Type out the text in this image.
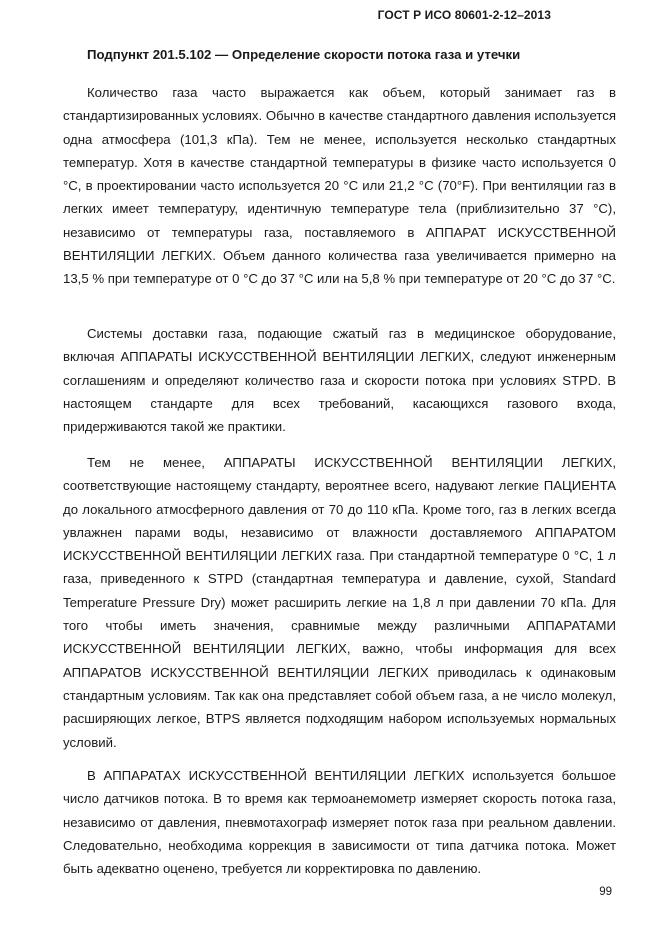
ГОСТ Р ИСО 80601-2-12–2013
Подпункт 201.5.102 — Определение скорости потока газа и утечки

Количество газа часто выражается как объем, который занимает газ в стандартизированных условиях. Обычно в качестве стандартного давления используется одна атмосфера (101,3 кПа). Тем не менее, используется несколько стандартных температур. Хотя в качестве стандартной температуры в физике часто используется 0 °С, в проектировании часто используется 20 °С или 21,2 °С (70°F). При вентиляции газ в легких имеет температуру, идентичную температуре тела (приблизительно 37 °С), независимо от температуры газа, поставляемого в АППАРАТ ИСКУССТВЕННОЙ ВЕНТИЛЯЦИИ ЛЕГКИХ. Объем данного количества газа увеличивается примерно на 13,5 % при температуре от 0 °С до 37 °С или на 5,8 % при температуре от 20 °С до 37 °С.

Системы доставки газа, подающие сжатый газ в медицинское оборудование, включая АППАРАТЫ ИСКУССТВЕННОЙ ВЕНТИЛЯЦИИ ЛЕГКИХ, следуют инженерным соглашениям и определяют количество газа и скорости потока при условиях STPD. В настоящем стандарте для всех требований, касающихся газового входа, придерживаются такой же практики.

Тем не менее, АППАРАТЫ ИСКУССТВЕННОЙ ВЕНТИЛЯЦИИ ЛЕГКИХ, соответствующие настоящему стандарту, вероятнее всего, надувают легкие ПАЦИЕНТА до локального атмосферного давления от 70 до 110 кПа. Кроме того, газ в легких всегда увлажнен парами воды, независимо от влажности доставляемого АППАРАТОМ ИСКУССТВЕННОЙ ВЕНТИЛЯЦИИ ЛЕГКИХ газа. При стандартной температуре 0 °С, 1 л газа, приведенного к STPD (стандартная температура и давление, сухой, Standard Temperature Pressure Dry) может расширить легкие на 1,8 л при давлении 70 кПа. Для того чтобы иметь значения, сравнимые между различными АППАРАТАМИ ИСКУССТВЕННОЙ ВЕНТИЛЯЦИИ ЛЕГКИХ, важно, чтобы информация для всех АППАРАТОВ ИСКУССТВЕННОЙ ВЕНТИЛЯЦИИ ЛЕГКИХ приводилась к одинаковым стандартным условиям. Так как она представляет собой объем газа, а не число молекул, расширяющих легкое, BTPS является подходящим набором используемых нормальных условий.

В АППАРАТАХ ИСКУССТВЕННОЙ ВЕНТИЛЯЦИИ ЛЕГКИХ используется большое число датчиков потока. В то время как термоанемометр измеряет скорость потока газа, независимо от давления, пневмотахограф измеряет поток газа при реальном давлении. Следовательно, необходима коррекция в зависимости от типа датчика потока. Может быть адекватно оценено, требуется ли корректировка по давлению.

99
